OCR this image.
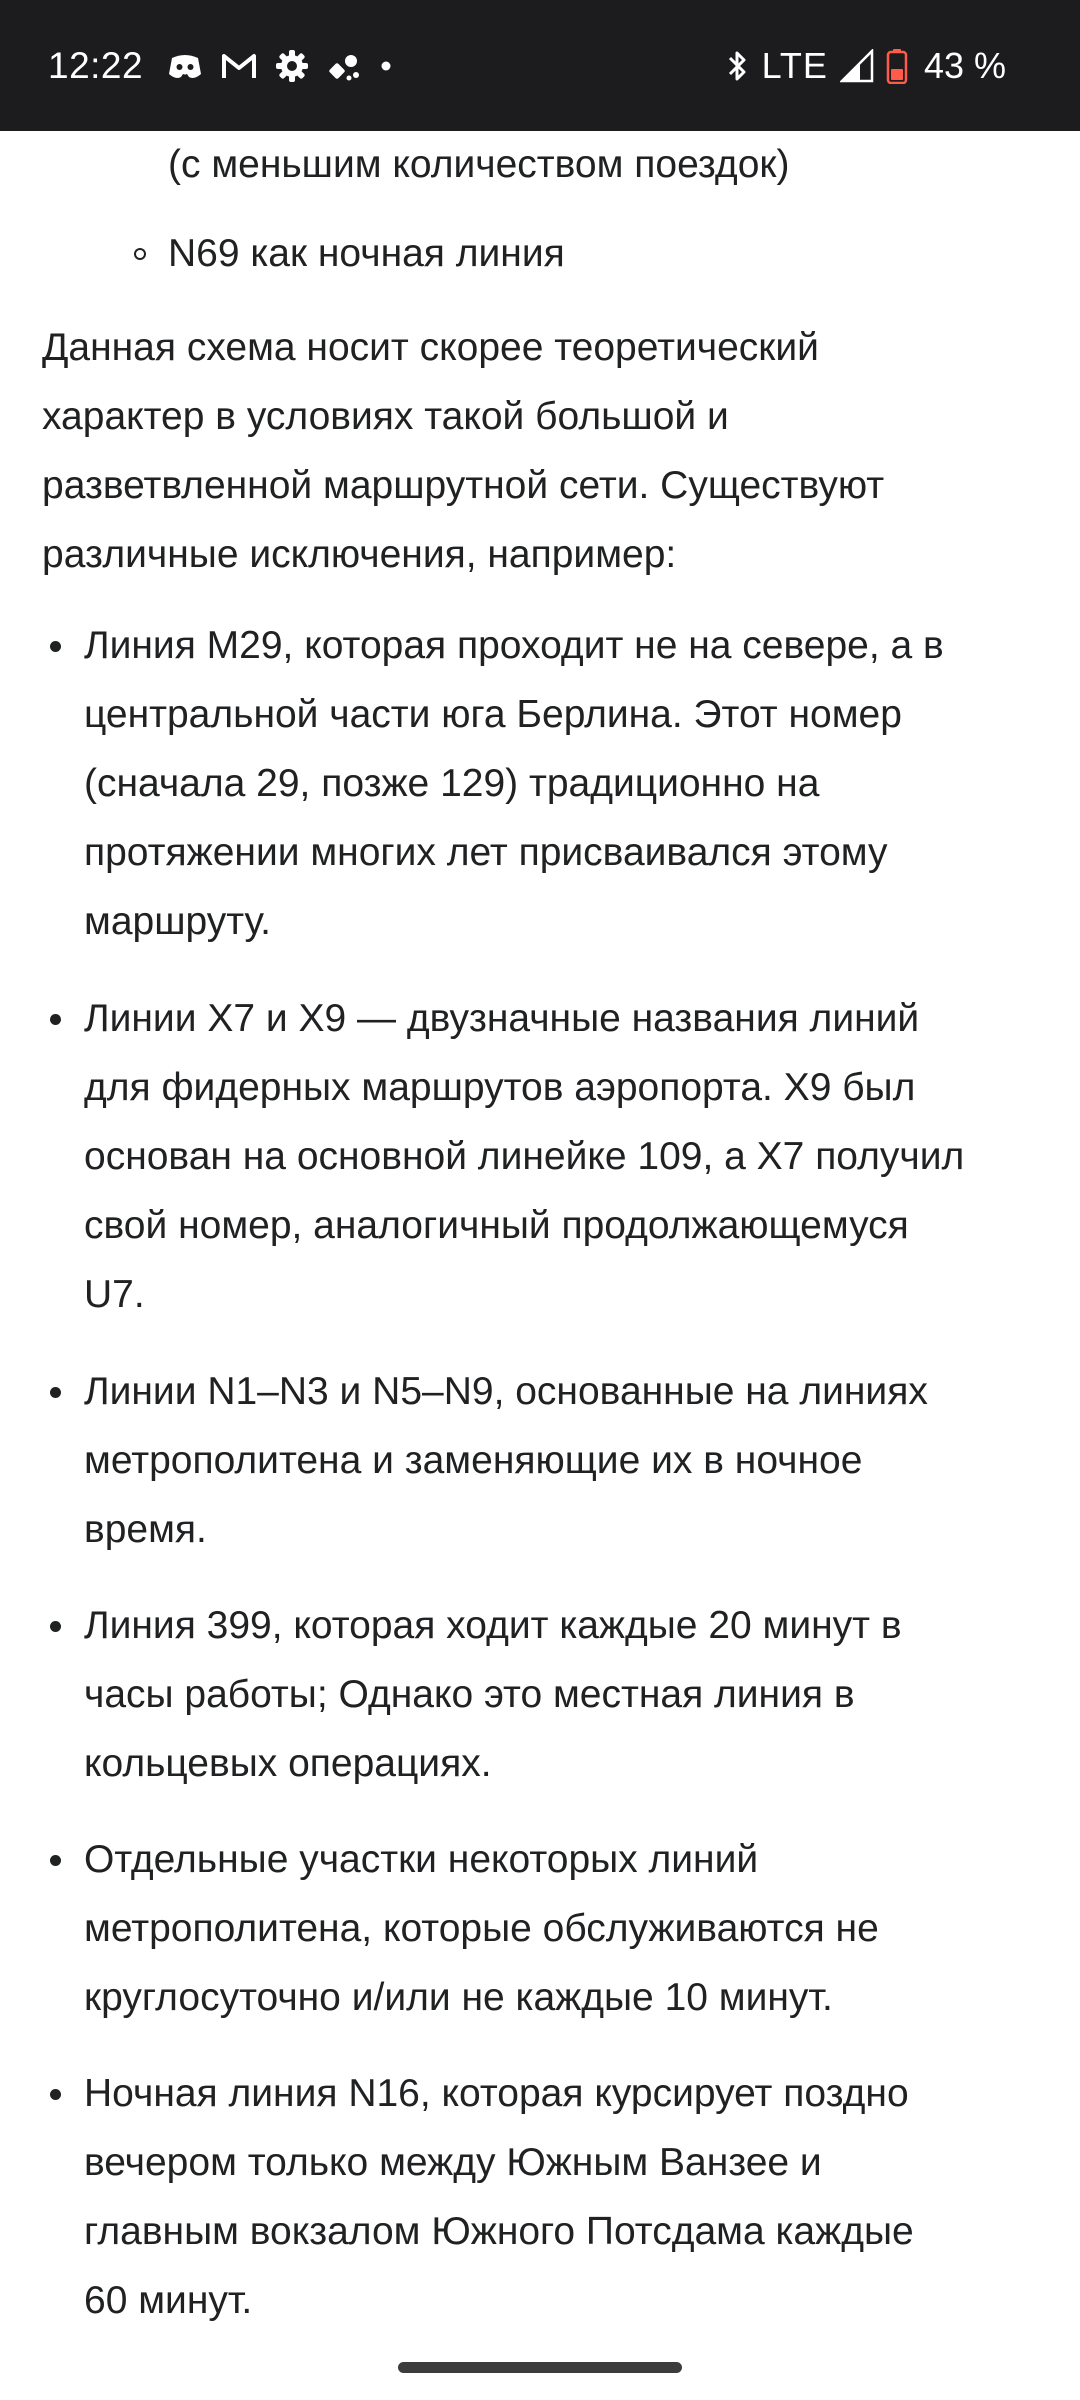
12:22	LTE	43 %
(с меньшим количеством поездок)
N69 как ночная линия
Данная схема носит скорее теоретический
характер в условиях такой большой и
разветвленной маршрутной сети. Существуют
различные исключения, например:
Линия M29, которая проходит не на севере, а в
центральной части юга Берлина. Этот номер
(сначала 29, позже 129) традиционно на
протяжении многих лет присваивался этому
маршруту.
Линии X7 и X9 — двузначные названия линий
для фидерных маршрутов аэропорта. X9 был
основан на основной линейке 109, а X7 получил
свой номер, аналогичный продолжающемуся
U7.
Линии N1–N3 и N5–N9, основанные на линиях
метрополитена и заменяющие их в ночное
время.
Линия 399, которая ходит каждые 20 минут в
часы работы; Однако это местная линия в
кольцевых операциях.
Отдельные участки некоторых линий
метрополитена, которые обслуживаются не
круглосуточно и/или не каждые 10 минут.
Ночная линия N16, которая курсирует поздно
вечером только между Южным Ванзее и
главным вокзалом Южного Потсдама каждые
60 минут.
